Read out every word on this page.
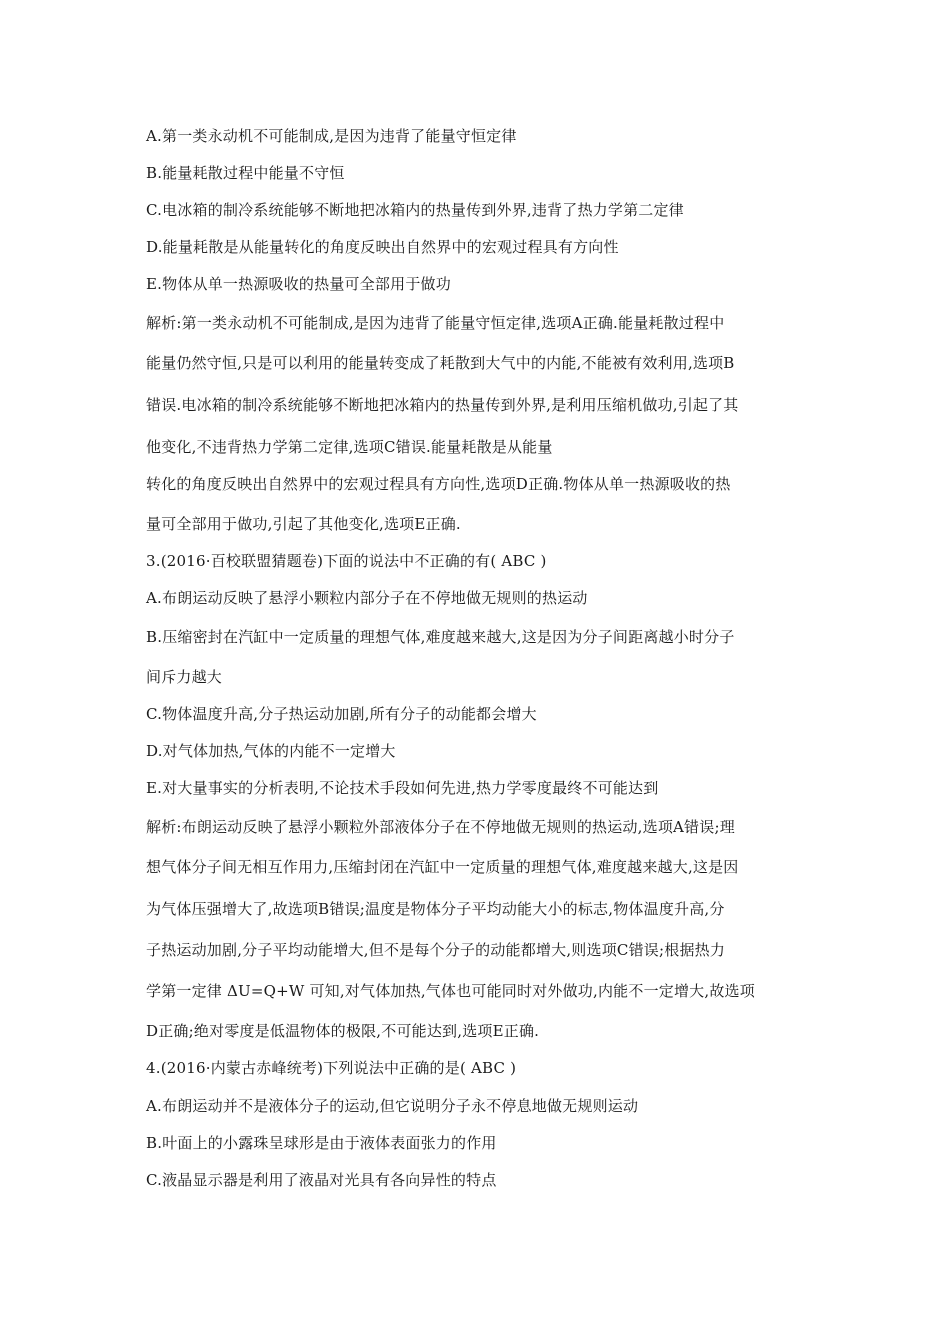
A.第一类永动机不可能制成,是因为违背了能量守恒定律
B.能量耗散过程中能量不守恒
C.电冰箱的制冷系统能够不断地把冰箱内的热量传到外界,违背了热力学第二定律
D.能量耗散是从能量转化的角度反映出自然界中的宏观过程具有方向性
E.物体从单一热源吸收的热量可全部用于做功
解析:第一类永动机不可能制成,是因为违背了能量守恒定律,选项A正确.能量耗散过程中
能量仍然守恒,只是可以利用的能量转变成了耗散到大气中的内能,不能被有效利用,选项B
错误.电冰箱的制冷系统能够不断地把冰箱内的热量传到外界,是利用压缩机做功,引起了其
他变化,不违背热力学第二定律,选项C错误.能量耗散是从能量
转化的角度反映出自然界中的宏观过程具有方向性,选项D正确.物体从单一热源吸收的热
量可全部用于做功,引起了其他变化,选项E正确.
3.(2016·百校联盟猜题卷)下面的说法中不正确的有( ABC )
A.布朗运动反映了悬浮小颗粒内部分子在不停地做无规则的热运动
B.压缩密封在汽缸中一定质量的理想气体,难度越来越大,这是因为分子间距离越小时分子
间斥力越大
C.物体温度升高,分子热运动加剧,所有分子的动能都会增大
D.对气体加热,气体的内能不一定增大
E.对大量事实的分析表明,不论技术手段如何先进,热力学零度最终不可能达到
解析:布朗运动反映了悬浮小颗粒外部液体分子在不停地做无规则的热运动,选项A错误;理
想气体分子间无相互作用力,压缩封闭在汽缸中一定质量的理想气体,难度越来越大,这是因
为气体压强增大了,故选项B错误;温度是物体分子平均动能大小的标志,物体温度升高,分
子热运动加剧,分子平均动能增大,但不是每个分子的动能都增大,则选项C错误;根据热力
学第一定律 ΔU=Q+W 可知,对气体加热,气体也可能同时对外做功,内能不一定增大,故选项
D正确;绝对零度是低温物体的极限,不可能达到,选项E正确.
4.(2016·内蒙古赤峰统考)下列说法中正确的是( ABC )
A.布朗运动并不是液体分子的运动,但它说明分子永不停息地做无规则运动
B.叶面上的小露珠呈球形是由于液体表面张力的作用
C.液晶显示器是利用了液晶对光具有各向异性的特点
